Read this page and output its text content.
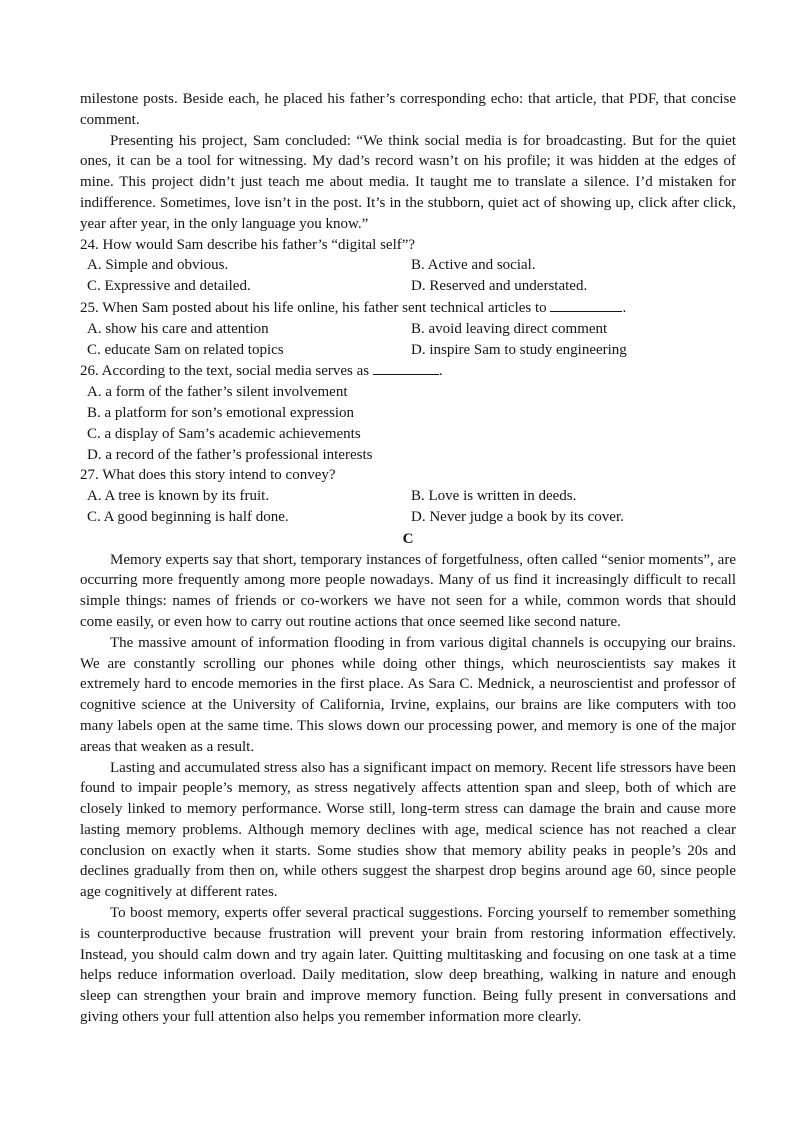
milestone posts. Beside each, he placed his father’s corresponding echo: that article, that PDF, that concise comment.

Presenting his project, Sam concluded: “We think social media is for broadcasting. But for the quiet ones, it can be a tool for witnessing. My dad’s record wasn’t on his profile; it was hidden at the edges of mine. This project didn’t just teach me about media. It taught me to translate a silence. I’d mistaken for indifference. Sometimes, love isn’t in the post. It’s in the stubborn, quiet act of showing up, click after click, year after year, in the only language you know.”

24. How would Sam describe his father’s “digital self”?

A. Simple and obvious.	B. Active and social.
C. Expressive and detailed.	D. Reserved and understated.

25. When Sam posted about his life online, his father sent technical articles to	.

A. show his care and attention	B. avoid leaving direct comment
C. educate Sam on related topics	D. inspire Sam to study engineering

26. According to the text, social media serves as	.

A. a form of the father’s silent involvement
B. a platform for son’s emotional expression
C. a display of Sam’s academic achievements
D. a record of the father’s professional interests

27. What does this story intend to convey?

A. A tree is known by its fruit.	B. Love is written in deeds.
C. A good beginning is half done.	D. Never judge a book by its cover.
C

Memory experts say that short, temporary instances of forgetfulness, often called “senior moments”, are occurring more frequently among more people nowadays. Many of us find it increasingly difficult to recall simple things: names of friends or co-workers we have not seen for a while, common words that should come easily, or even how to carry out routine actions that once seemed like second nature.

The massive amount of information flooding in from various digital channels is occupying our brains. We are constantly scrolling our phones while doing other things, which neuroscientists say makes it extremely hard to encode memories in the first place. As Sara C. Mednick, a neuroscientist and professor of cognitive science at the University of California, Irvine, explains, our brains are like computers with too many labels open at the same time. This slows down our processing power, and memory is one of the major areas that weaken as a result.

Lasting and accumulated stress also has a significant impact on memory. Recent life stressors have been found to impair people’s memory, as stress negatively affects attention span and sleep, both of which are closely linked to memory performance. Worse still, long-term stress can damage the brain and cause more lasting memory problems. Although memory declines with age, medical science has not reached a clear conclusion on exactly when it starts. Some studies show that memory ability peaks in people’s 20s and declines gradually from then on, while others suggest the sharpest drop begins around age 60, since people age cognitively at different rates.

To boost memory, experts offer several practical suggestions. Forcing yourself to remember something is counterproductive because frustration will prevent your brain from restoring information effectively. Instead, you should calm down and try again later. Quitting multitasking and focusing on one task at a time helps reduce information overload. Daily meditation, slow deep breathing, walking in nature and enough sleep can strengthen your brain and improve memory function. Being fully present in conversations and giving others your full attention also helps you remember information more clearly.
